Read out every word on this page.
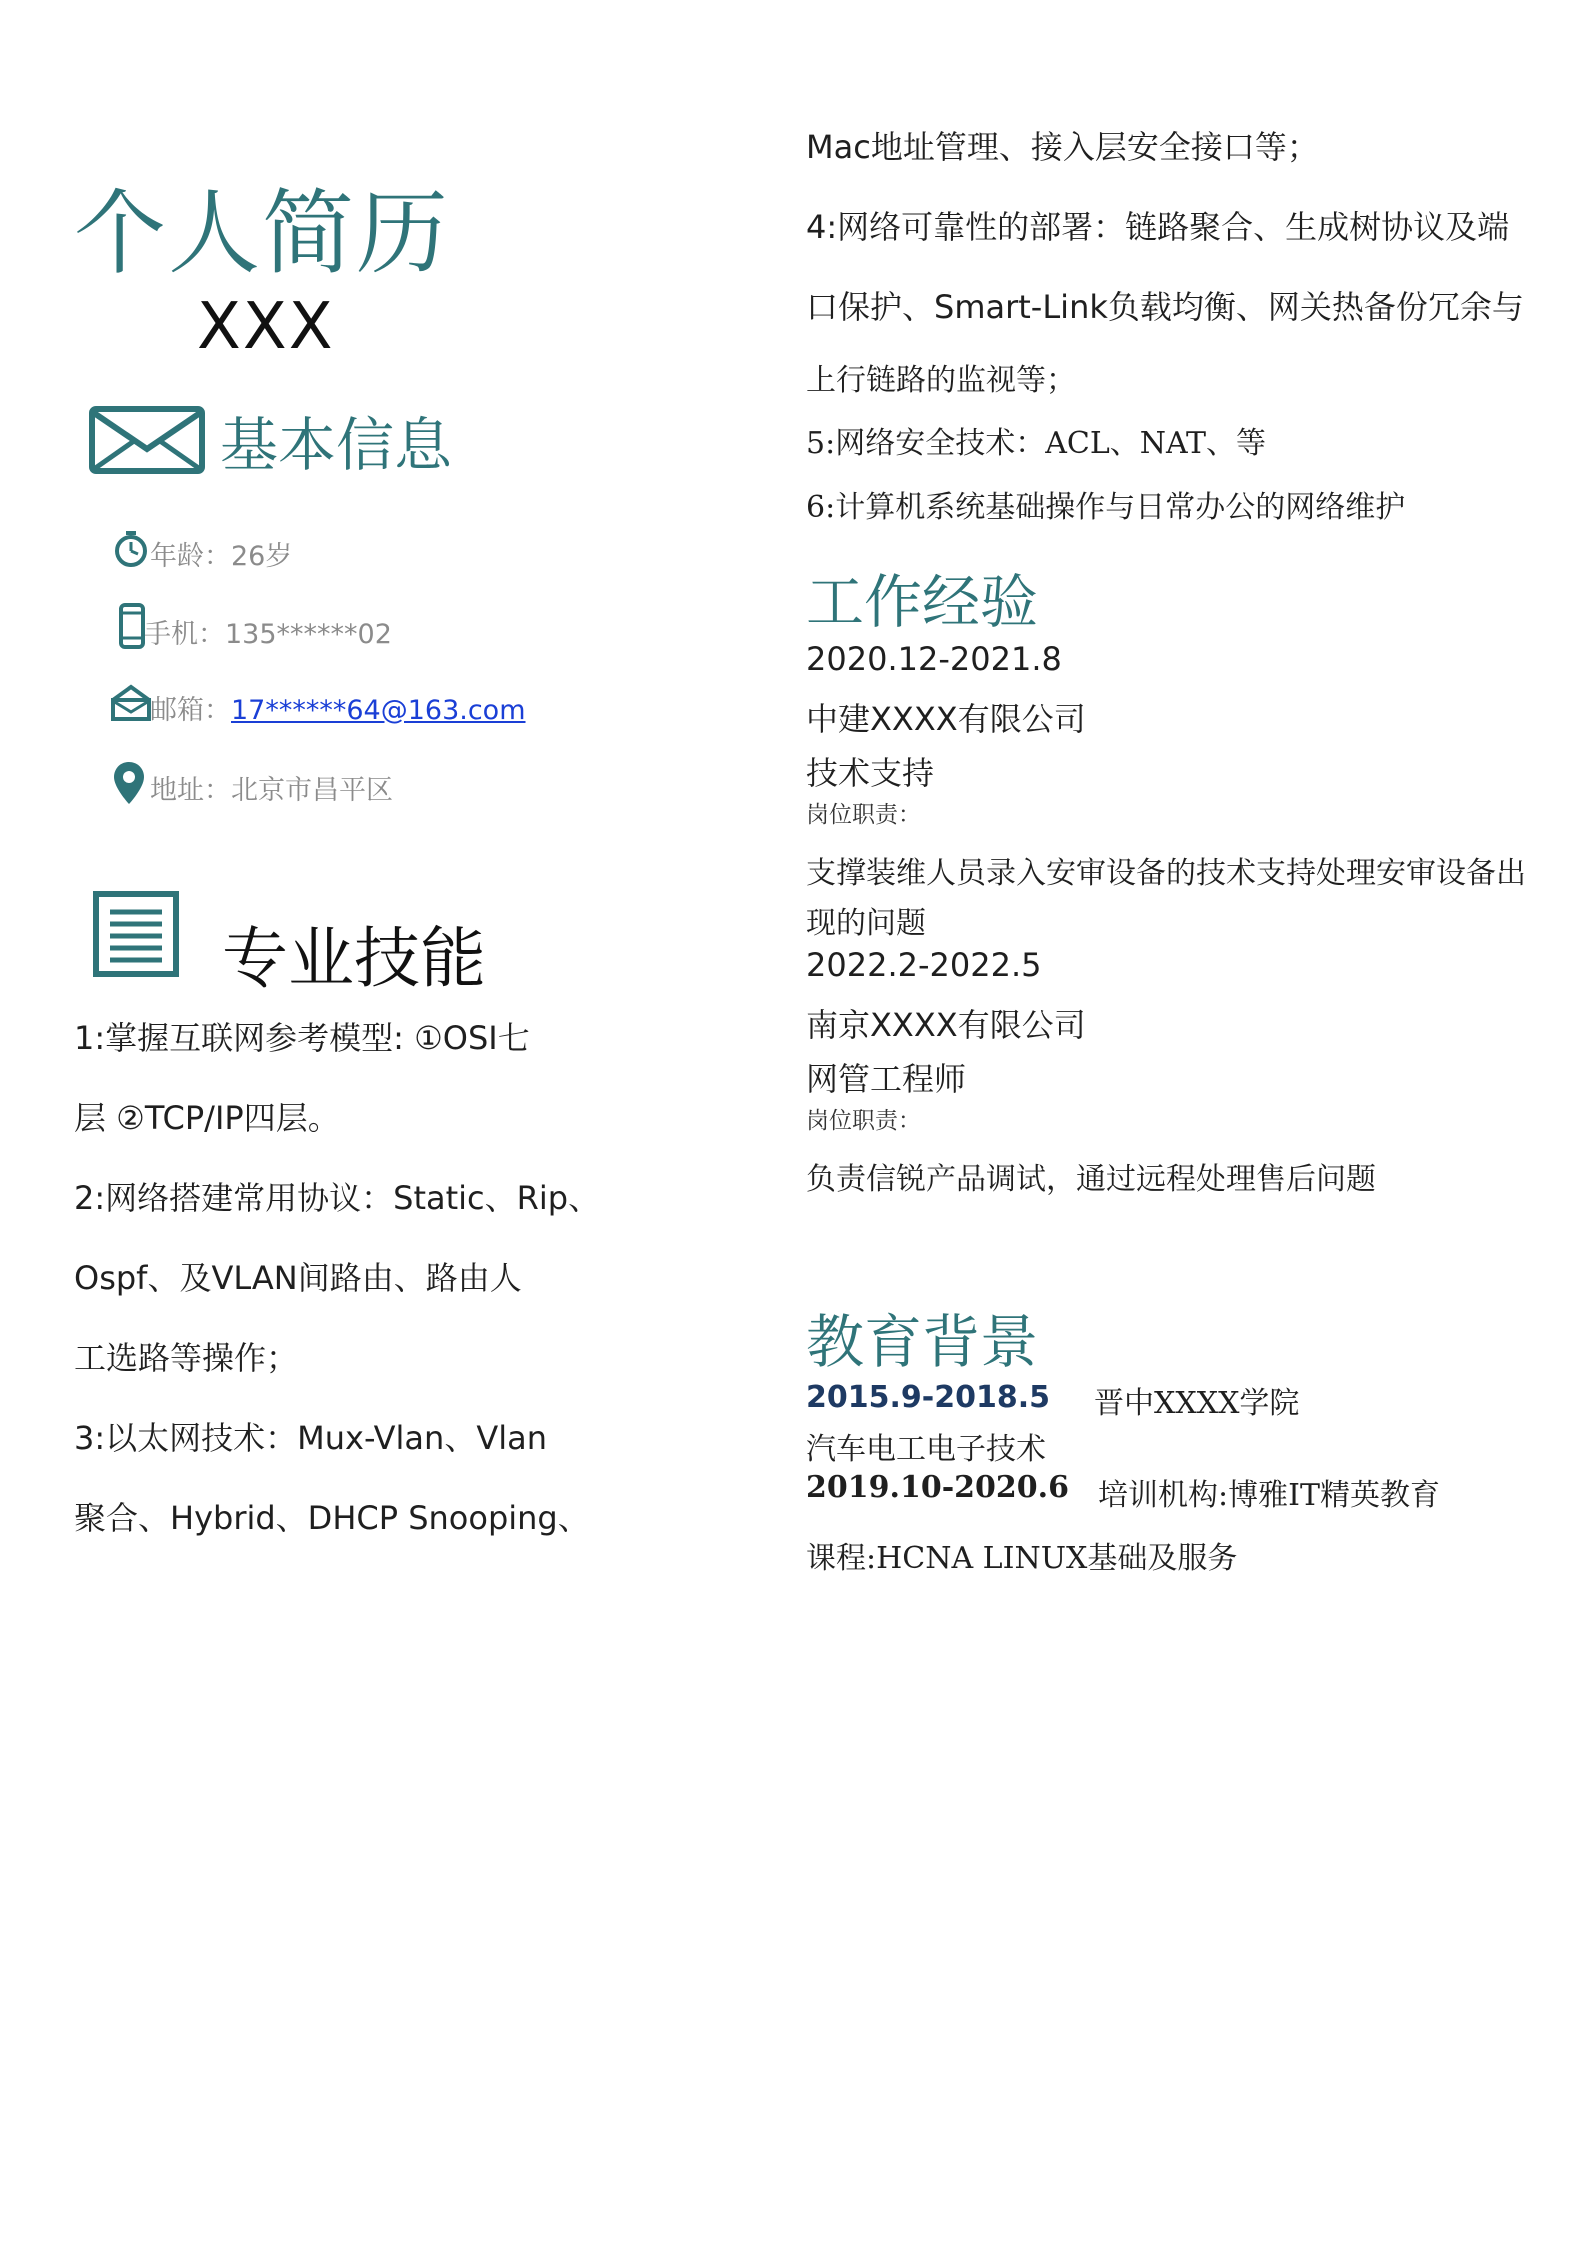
个人简历
XXX
基本信息
年龄：26岁
手机：135******02
邮箱：17******64@163.com
地址：北京市昌平区
专业技能
1:掌握互联网参考模型: ①OSI七
层 ②TCP/IP四层。
2:网络搭建常用协议：Static、Rip、
Ospf、及VLAN间路由、路由人
工选路等操作；
3:以太网技术：Mux-Vlan、Vlan
聚合、Hybrid、DHCP Snooping、
Mac地址管理、接入层安全接口等；
4:网络可靠性的部署：链路聚合、生成树协议及端
口保护、Smart-Link负载均衡、网关热备份冗余与
上行链路的监视等；
5:网络安全技术：ACL、NAT、等
6:计算机系统基础操作与日常办公的网络维护
工作经验
2020.12-2021.8
中建XXXX有限公司
技术支持
岗位职责：
支撑装维人员录入安审设备的技术支持处理安审设备出
现的问题
2022.2-2022.5
南京XXXX有限公司
网管工程师
岗位职责：
负责信锐产品调试，通过远程处理售后问题
教育背景
2015.9-2018.5 晋中XXXX学院
汽车电工电子技术
2019.10-2020.6 培训机构:博雅IT精英教育
课程:HCNA LINUX基础及服务
